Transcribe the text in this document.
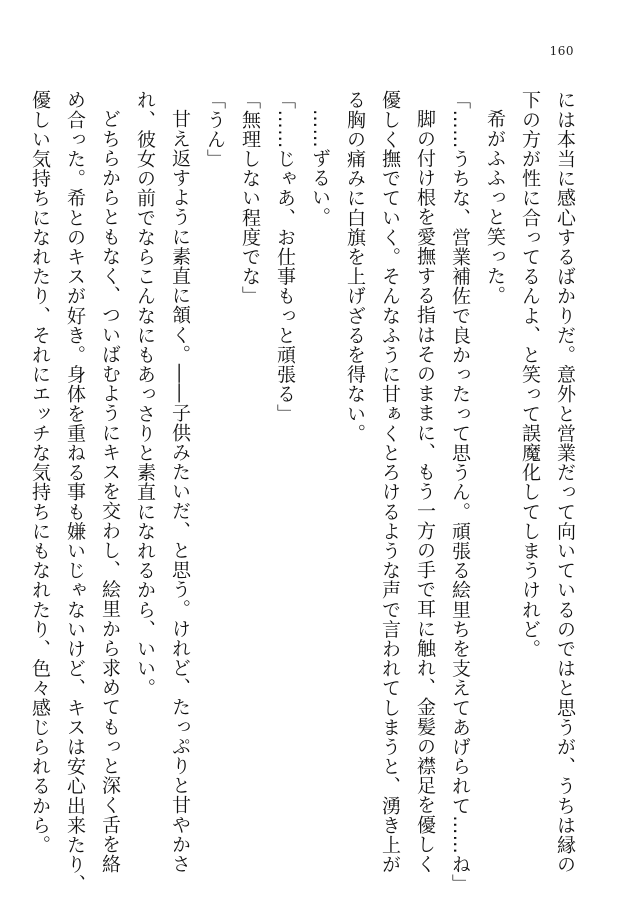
160

には本当に感心するばかりだ。意外と営業だって向いているのではと思うが、うちは縁の

下の方が性に合ってるんよ、と笑って誤魔化してしまうけれど。

希がふふっと笑った。

「……うちな、営業補佐で良かったって思うん。頑張る絵里ちを支えてあげられて……ね」

脚の付け根を愛撫する指はそのままに、もう一方の手で耳に触れ、金髪の襟足を優しく

優しく撫でていく。そんなふうに甘ぁくとろけるような声で言われてしまうと、湧き上が

る胸の痛みに白旗を上げざるを得ない。

……ずるい。

「……じゃあ、お仕事もっと頑張る」

「無理しない程度でな」

「うん」

甘え返すように素直に頷く。――子供みたいだ、と思う。けれど、たっぷりと甘やかさ

れ、彼女の前でならこんなにもあっさりと素直になれるから、いい。

どちらからともなく、ついばむようにキスを交わし、絵里から求めてもっと深く舌を絡

め合った。希とのキスが好き。身体を重ねる事も嫌いじゃないけど、キスは安心出来たり、

優しい気持ちになれたり、それにエッチな気持ちにもなれたり、色々感じられるから。
